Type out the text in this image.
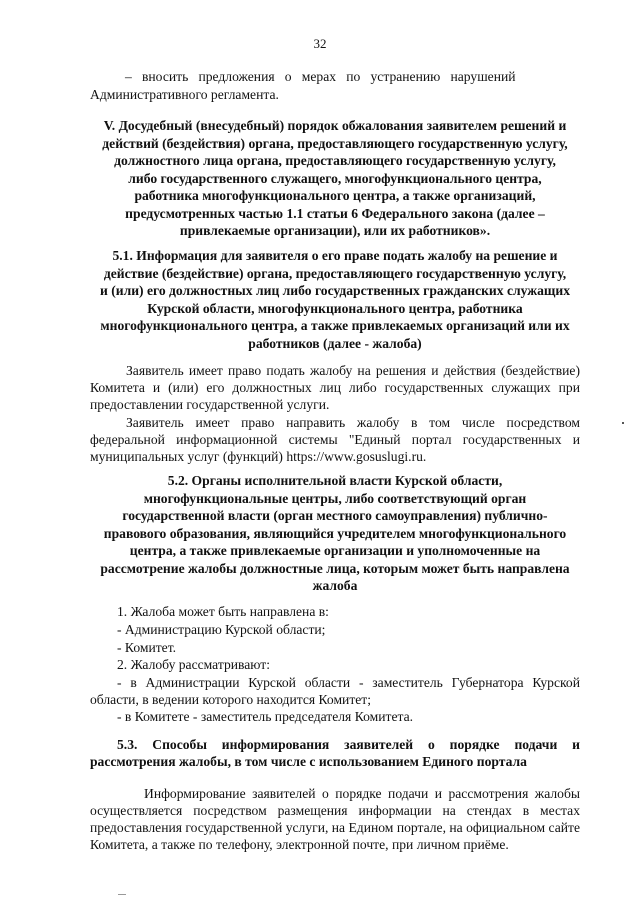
32

–   вносить   предложения   о   мерах   по   устранению   нарушений

Административного регламента.

V. Досудебный (внесудебный) порядок обжалования заявителем решений и
действий (бездействия) органа, предоставляющего государственную услугу,
должностного лица органа, предоставляющего государственную услугу,
либо государственного служащего, многофункционального центра,
работника многофункционального центра, а также организаций,
предусмотренных частью 1.1 статьи 6 Федерального закона (далее –
привлекаемые организации), или их работников».
5.1. Информация для заявителя о его праве подать жалобу на решение и
действие (бездействие) органа, предоставляющего государственную услугу,
и (или) его должностных лиц либо государственных гражданских служащих
Курской области, многофункционального центра, работника
многофункционального центра, а также привлекаемых организаций или их
работников (далее - жалоба)

Заявитель имеет право подать жалобу на решения и действия (бездействие) Комитета и (или) его должностных лиц либо государственных служащих при предоставлении государственной услуги.

Заявитель имеет право направить жалобу в том числе посредством федеральной информационной системы "Единый портал государственных и муниципальных услуг (функций) https://www.gosuslugi.ru.

5.2. Органы исполнительной власти Курской области,
многофункциональные центры, либо соответствующий орган
государственной власти (орган местного самоуправления) публично-
правового образования, являющийся учредителем многофункционального
центра, а также привлекаемые организации и уполномоченные на
рассмотрение жалобы должностные лица, которым может быть направлена
жалоба

1. Жалоба может быть направлена в:

- Администрацию Курской области;

- Комитет.

2. Жалобу рассматривают:

- в Администрации Курской области - заместитель Губернатора Курской области, в ведении которого находится Комитет;

- в Комитете - заместитель председателя Комитета.

5.3.  Способы  информирования  заявителей  о  порядке  подачи  и

рассмотрения жалобы, в том числе с использованием Единого портала

Информирование заявителей о порядке подачи и рассмотрения жалобы осуществляется посредством размещения информации на стендах в местах предоставления государственной услуги, на Едином портале, на официальном сайте Комитета, а также по телефону, электронной почте, при личном приёме.
